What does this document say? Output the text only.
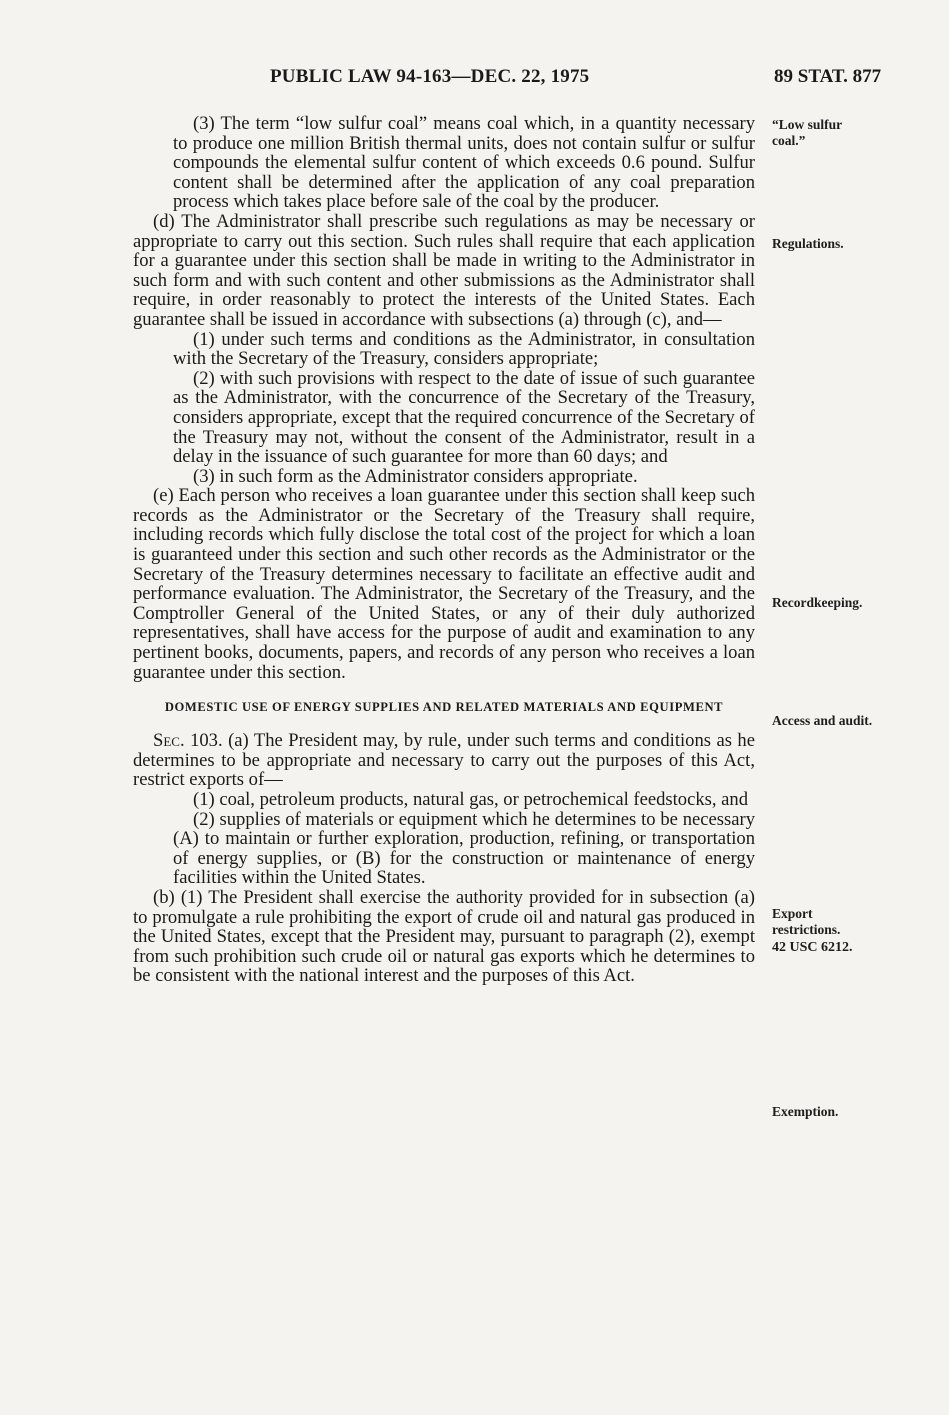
PUBLIC LAW 94-163—DEC. 22, 1975	89 STAT. 877

(3) The term “low sulfur coal” means coal which, in a quantity necessary to produce one million British thermal units, does not contain sulfur or sulfur compounds the elemental sulfur content of which exceeds 0.6 pound. Sulfur content shall be determined after the application of any coal preparation process which takes place before sale of the coal by the producer.

(d) The Administrator shall prescribe such regulations as may be necessary or appropriate to carry out this section. Such rules shall require that each application for a guarantee under this section shall be made in writing to the Administrator in such form and with such content and other submissions as the Administrator shall require, in order reasonably to protect the interests of the United States. Each guarantee shall be issued in accordance with subsections (a) through (c), and—

(1) under such terms and conditions as the Administrator, in consultation with the Secretary of the Treasury, considers appropriate;

(2) with such provisions with respect to the date of issue of such guarantee as the Administrator, with the concurrence of the Secretary of the Treasury, considers appropriate, except that the required concurrence of the Secretary of the Treasury may not, without the consent of the Administrator, result in a delay in the issuance of such guarantee for more than 60 days; and

(3) in such form as the Administrator considers appropriate.

(e) Each person who receives a loan guarantee under this section shall keep such records as the Administrator or the Secretary of the Treasury shall require, including records which fully disclose the total cost of the project for which a loan is guaranteed under this section and such other records as the Administrator or the Secretary of the Treasury determines necessary to facilitate an effective audit and performance evaluation. The Administrator, the Secretary of the Treasury, and the Comptroller General of the United States, or any of their duly authorized representatives, shall have access for the purpose of audit and examination to any pertinent books, documents, papers, and records of any person who receives a loan guarantee under this section.

DOMESTIC USE OF ENERGY SUPPLIES AND RELATED MATERIALS AND EQUIPMENT

Sec. 103. (a) The President may, by rule, under such terms and conditions as he determines to be appropriate and necessary to carry out the purposes of this Act, restrict exports of—

(1) coal, petroleum products, natural gas, or petrochemical feedstocks, and

(2) supplies of materials or equipment which he determines to be necessary (A) to maintain or further exploration, production, refining, or transportation of energy supplies, or (B) for the construction or maintenance of energy facilities within the United States.

(b) (1) The President shall exercise the authority provided for in subsection (a) to promulgate a rule prohibiting the export of crude oil and natural gas produced in the United States, except that the President may, pursuant to paragraph (2), exempt from such prohibition such crude oil or natural gas exports which he determines to be consistent with the national interest and the purposes of this Act.

“Low sulfur coal.”
Regulations.
Recordkeeping.
Access and audit.
Export restrictions.
42 USC 6212.
Exemption.
